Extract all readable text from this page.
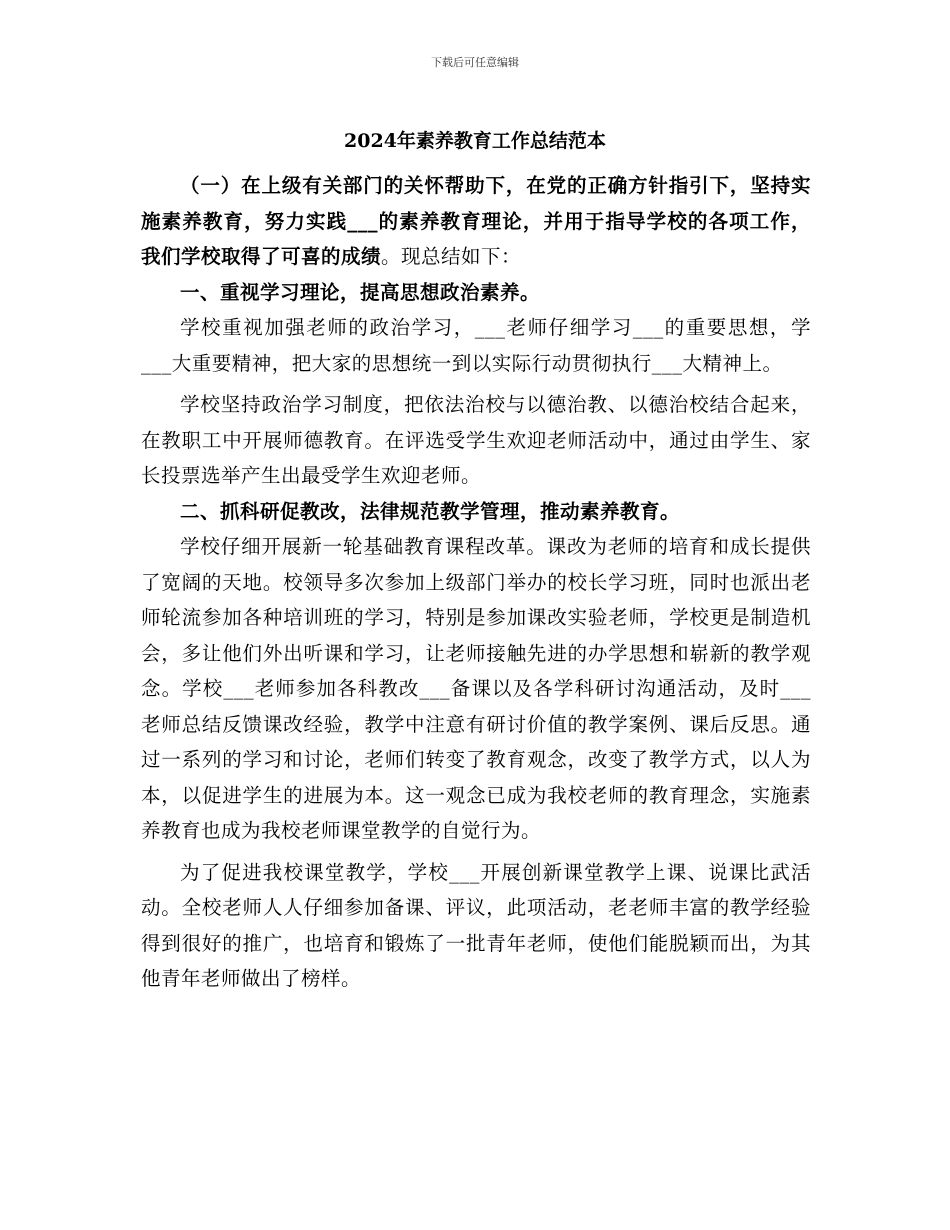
下载后可任意编辑
2024年素养教育工作总结范本

（一）在上级有关部门的关怀帮助下，在党的正确方针指引下，坚持实施素养教育，努力实践___的素养教育理论，并用于指导学校的各项工作，我们学校取得了可喜的成绩。现总结如下：

一、重视学习理论，提高思想政治素养。

学校重视加强老师的政治学习，___老师仔细学习___的重要思想，学___大重要精神，把大家的思想统一到以实际行动贯彻执行___大精神上。

学校坚持政治学习制度，把依法治校与以德治教、以德治校结合起来，在教职工中开展师德教育。在评选受学生欢迎老师活动中，通过由学生、家长投票选举产生出最受学生欢迎老师。

二、抓科研促教改，法律规范教学管理，推动素养教育。

学校仔细开展新一轮基础教育课程改革。课改为老师的培育和成长提供了宽阔的天地。校领导多次参加上级部门举办的校长学习班，同时也派出老师轮流参加各种培训班的学习，特别是参加课改实验老师，学校更是制造机会，多让他们外出听课和学习，让老师接触先进的办学思想和崭新的教学观念。学校___老师参加各科教改___备课以及各学科研讨沟通活动，及时___老师总结反馈课改经验，教学中注意有研讨价值的教学案例、课后反思。通过一系列的学习和讨论，老师们转变了教育观念，改变了教学方式，以人为本，以促进学生的进展为本。这一观念已成为我校老师的教育理念，实施素养教育也成为我校老师课堂教学的自觉行为。

为了促进我校课堂教学，学校___开展创新课堂教学上课、说课比武活动。全校老师人人仔细参加备课、评议，此项活动，老老师丰富的教学经验得到很好的推广，也培育和锻炼了一批青年老师，使他们能脱颖而出，为其他青年老师做出了榜样。
